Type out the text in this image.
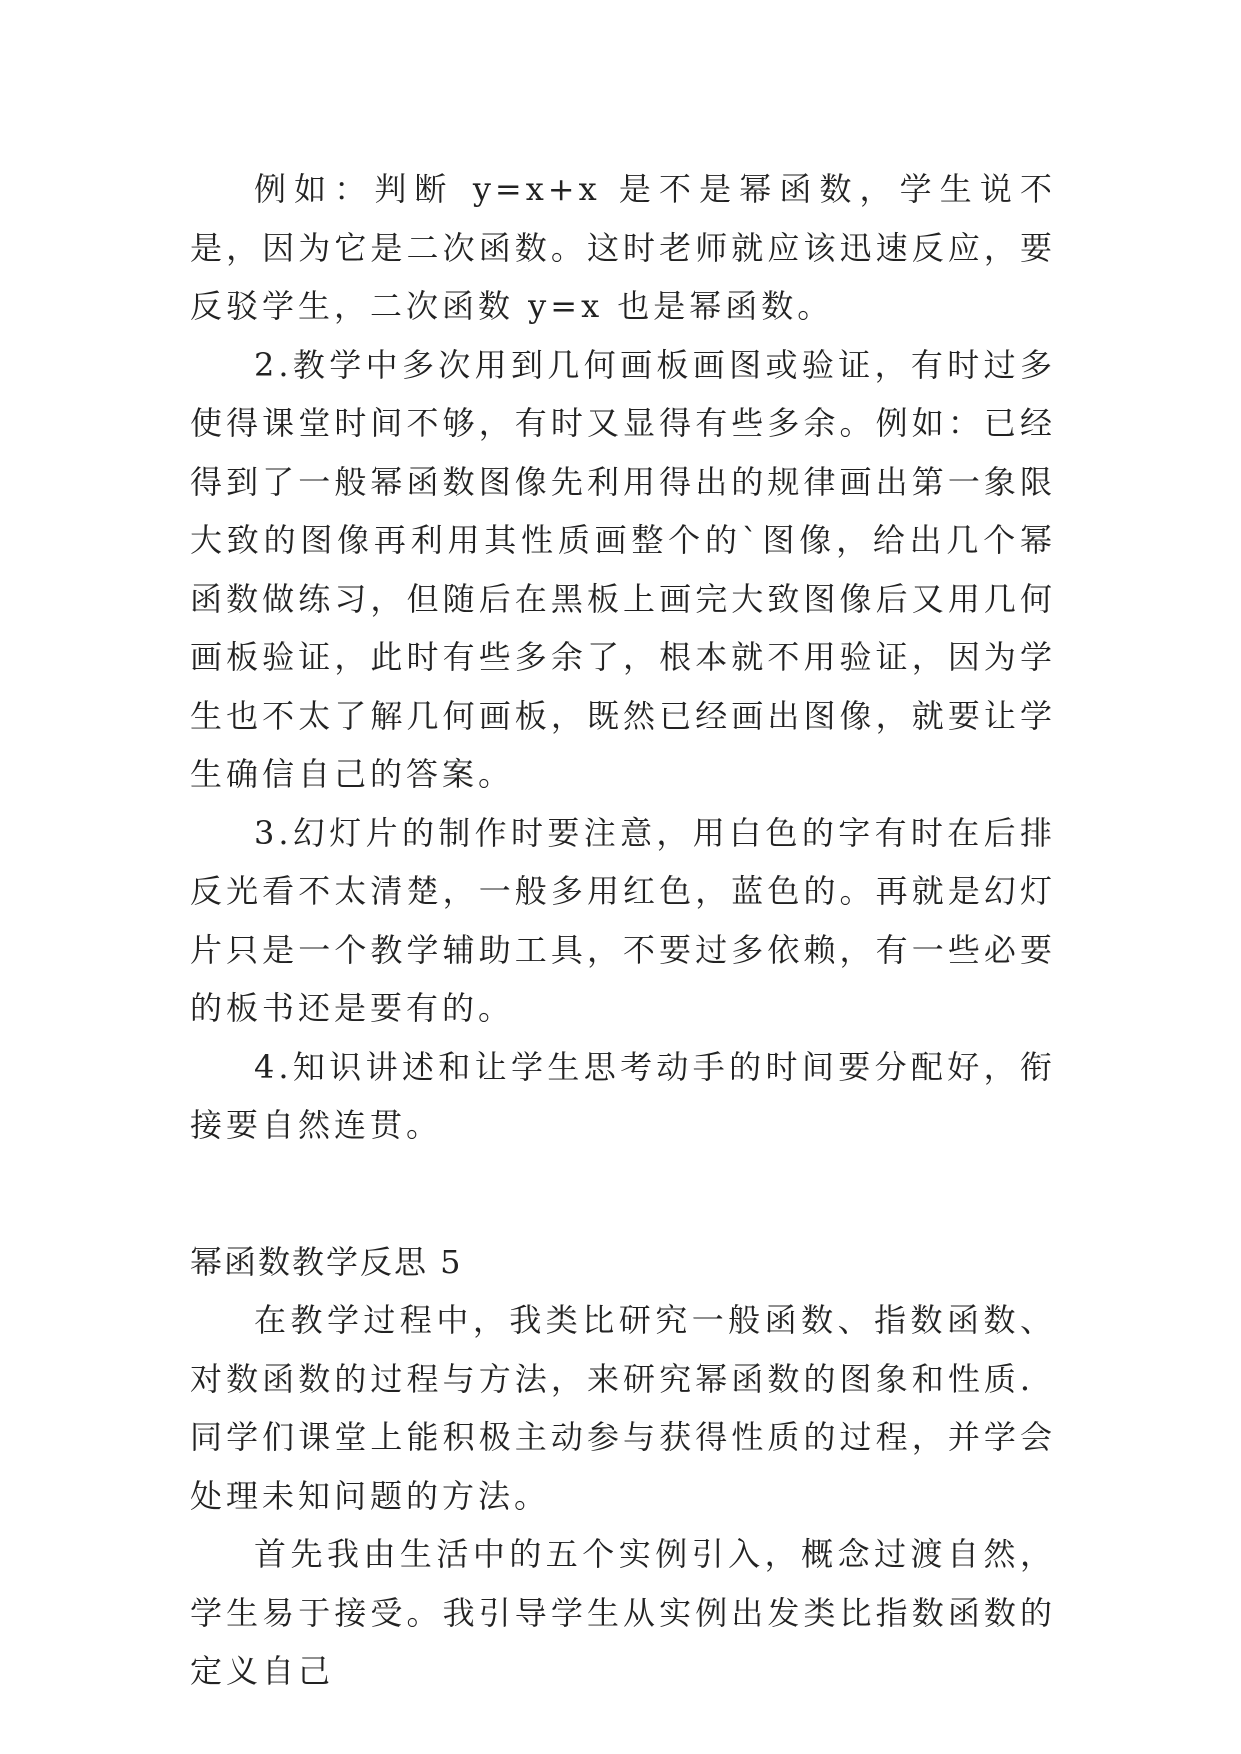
例如：判断 y=x+x 是不是幂函数，学生说不是，因为它是二次函数。这时老师就应该迅速反应，要反驳学生，二次函数 y=x 也是幂函数。

2.教学中多次用到几何画板画图或验证，有时过多使得课堂时间不够，有时又显得有些多余。例如：已经得到了一般幂函数图像先利用得出的规律画出第一象限大致的图像再利用其性质画整个的`图像，给出几个幂函数做练习，但随后在黑板上画完大致图像后又用几何画板验证，此时有些多余了，根本就不用验证，因为学生也不太了解几何画板，既然已经画出图像，就要让学生确信自己的答案。

3.幻灯片的制作时要注意，用白色的字有时在后排反光看不太清楚，一般多用红色，蓝色的。再就是幻灯片只是一个教学辅助工具，不要过多依赖，有一些必要的板书还是要有的。

4.知识讲述和让学生思考动手的时间要分配好，衔接要自然连贯。

幂函数教学反思 5

在教学过程中，我类比研究一般函数、指数函数、对数函数的过程与方法，来研究幂函数的图象和性质．同学们课堂上能积极主动参与获得性质的过程，并学会处理未知问题的方法。

首先我由生活中的五个实例引入，概念过渡自然，学生易于接受。我引导学生从实例出发类比指数函数的定义自己
